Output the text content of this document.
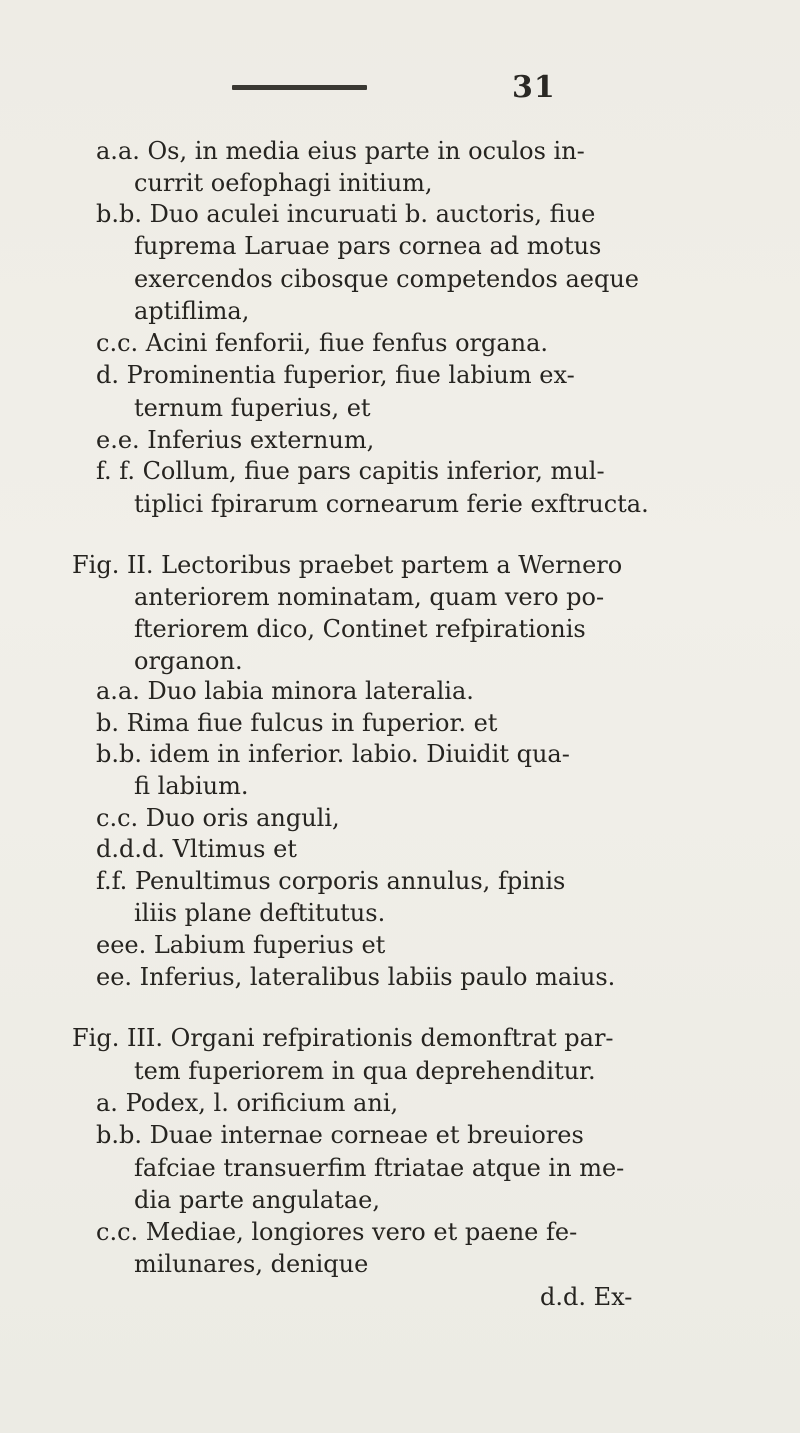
31
a.a. Os, in media eius parte in oculos in-
currit oefophagi initium,
b.b. Duo aculei incuruati b. auctoris, fiue
fuprema Laruae pars cornea ad motus
exercendos cibosque competendos aeque
aptiflima,
c.c. Acini fenforii, fiue fenfus organa.
d. Prominentia fuperior, fiue labium ex-
ternum fuperius, et
e.e. Inferius externum,
f. f. Collum, fiue pars capitis inferior, mul-
tiplici fpirarum cornearum ferie exftructa.
Fig. II. Lectoribus praebet partem a Wernero
anteriorem nominatam, quam vero po-
fteriorem dico, Continet refpirationis
organon.
a.a. Duo labia minora lateralia.
b. Rima fiue fulcus in fuperior. et
b.b. idem in inferior. labio. Diuidit qua-
fi labium.
c.c. Duo oris anguli,
d.d.d. Vltimus et
f.f. Penultimus corporis annulus, fpinis
iliis plane deftitutus.
eee. Labium fuperius et
ee. Inferius, lateralibus labiis paulo maius.
Fig. III. Organi refpirationis demonftrat par-
tem fuperiorem in qua deprehenditur.
a. Podex, l. orificium ani,
b.b. Duae internae corneae et breuiores
fafciae transuerfim ftriatae atque in me-
dia parte angulatae,
c.c. Mediae, longiores vero et paene fe-
milunares, denique
d.d. Ex-
